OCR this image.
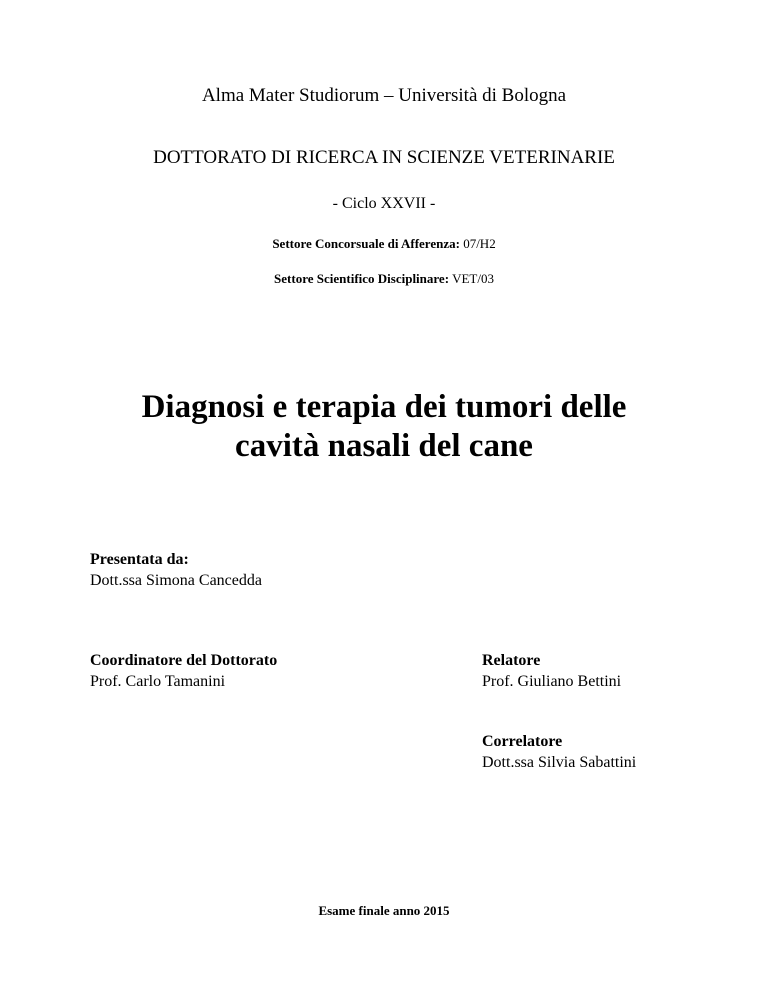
Alma Mater Studiorum – Università di Bologna
DOTTORATO DI RICERCA IN SCIENZE VETERINARIE
- Ciclo XXVII -
Settore Concorsuale di Afferenza: 07/H2
Settore Scientifico Disciplinare: VET/03
Diagnosi e terapia dei tumori delle
cavità nasali del cane
Presentata da:
Dott.ssa Simona Cancedda
Coordinatore del Dottorato
Prof. Carlo Tamanini
Relatore
Prof. Giuliano Bettini
Correlatore
Dott.ssa Silvia Sabattini
Esame finale anno 2015
